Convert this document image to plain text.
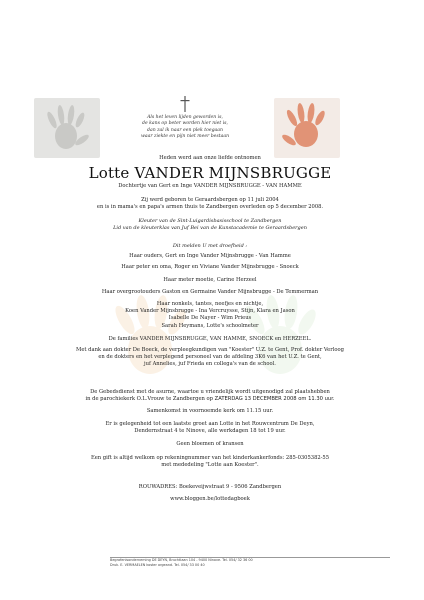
Als het leven lijden geworden is,
de kans op beter worden hier niet is,
dan zal ik naar een plek toegaan
waar ziekte en pijn niet meer bestaan
Heden werd aan onze liefde ontnomen
Lotte VANDER MIJNSBRUGGE
Dochtertje van Gert en Inge VANDER MIJNSBRUGGE - VAN HAMME
Zij werd geboren te Geraardsbergen op 11 juli 2004
en is in mama's en papa's armen thuis te Zandbergen overleden op 5 december 2008.
Kleuter van de Sint-Luigardisbasisschool te Zandbergen
Lid van de kleuterklas van Juf Bei van de Kunstacademie te Geraardsbergen
Dit melden U met droefheid :
Haar ouders, Gert en Inge Vander Mijnsbrugge - Van Hamme
Haar peter en oma, Roger en Viviane Vander Mijnsbrugge - Snoeck
Haar meter moetie, Carine Herzeel
Haar overgrootouders Gaston en Germaine Vander Mijnsbrugge - De Temmerman
Haar nonkels, tantes, neefjes en nichtje,
Koen Vander Mijnsbrugge - Ina Vercruysse, Stijn, Klara en Jason
Isabelle De Nayer - Wim Prieus
Sarah Heymans, Lotte's schoolmeter
De families VANDER MIJNSBRUGGE, VAN HAMME, SNOECK en HERZEEL.
Met dank aan dokter De Boeck, de verpleegkundigen van "Koester" U.Z. te Gent, Prof. dokter Verloog
en de dokters en het verplegend personeel van de afdeling 3K6 van het U.Z. te Gent,
juf Annelies, juf Frieda en collega's van de school.
De Gebedsdienst met de asurne, waartoe u vriendelijk wordt uitgenodigd zal plaatshebben
in de parochiekerk O.L.Vrouw te Zandbergen op ZATERDAG 13 DECEMBER 2008 om 11.30 uur.
Samenkomst in voornoemde kerk om 11.15 uur.
Er is gelegenheid tot een laatste groet aan Lotte in het Rouwcentrum De Deyn,
Dendernstraat 4 te Ninove, alle werkdagen 18 tot 19 uur.
Geen bloemen of kransen
Een gift is altijd welkom op rekeningnummer van het kinderkankerfonds: 285-0305382-55
met mededeling "Lotte aan Koester".
ROUWADRES: Boekeveijwstraat 9 - 9506 Zandbergen
www.bloggen.be/lottedagboek
Begrafenisonderneming DE DEYN, Bruchtlaan 104 - 9400 Ninove. Tel. 054/ 32 36 00
Druk. E. VERMAELEN koster orgeand. Tel. 054/ 33 00 40
